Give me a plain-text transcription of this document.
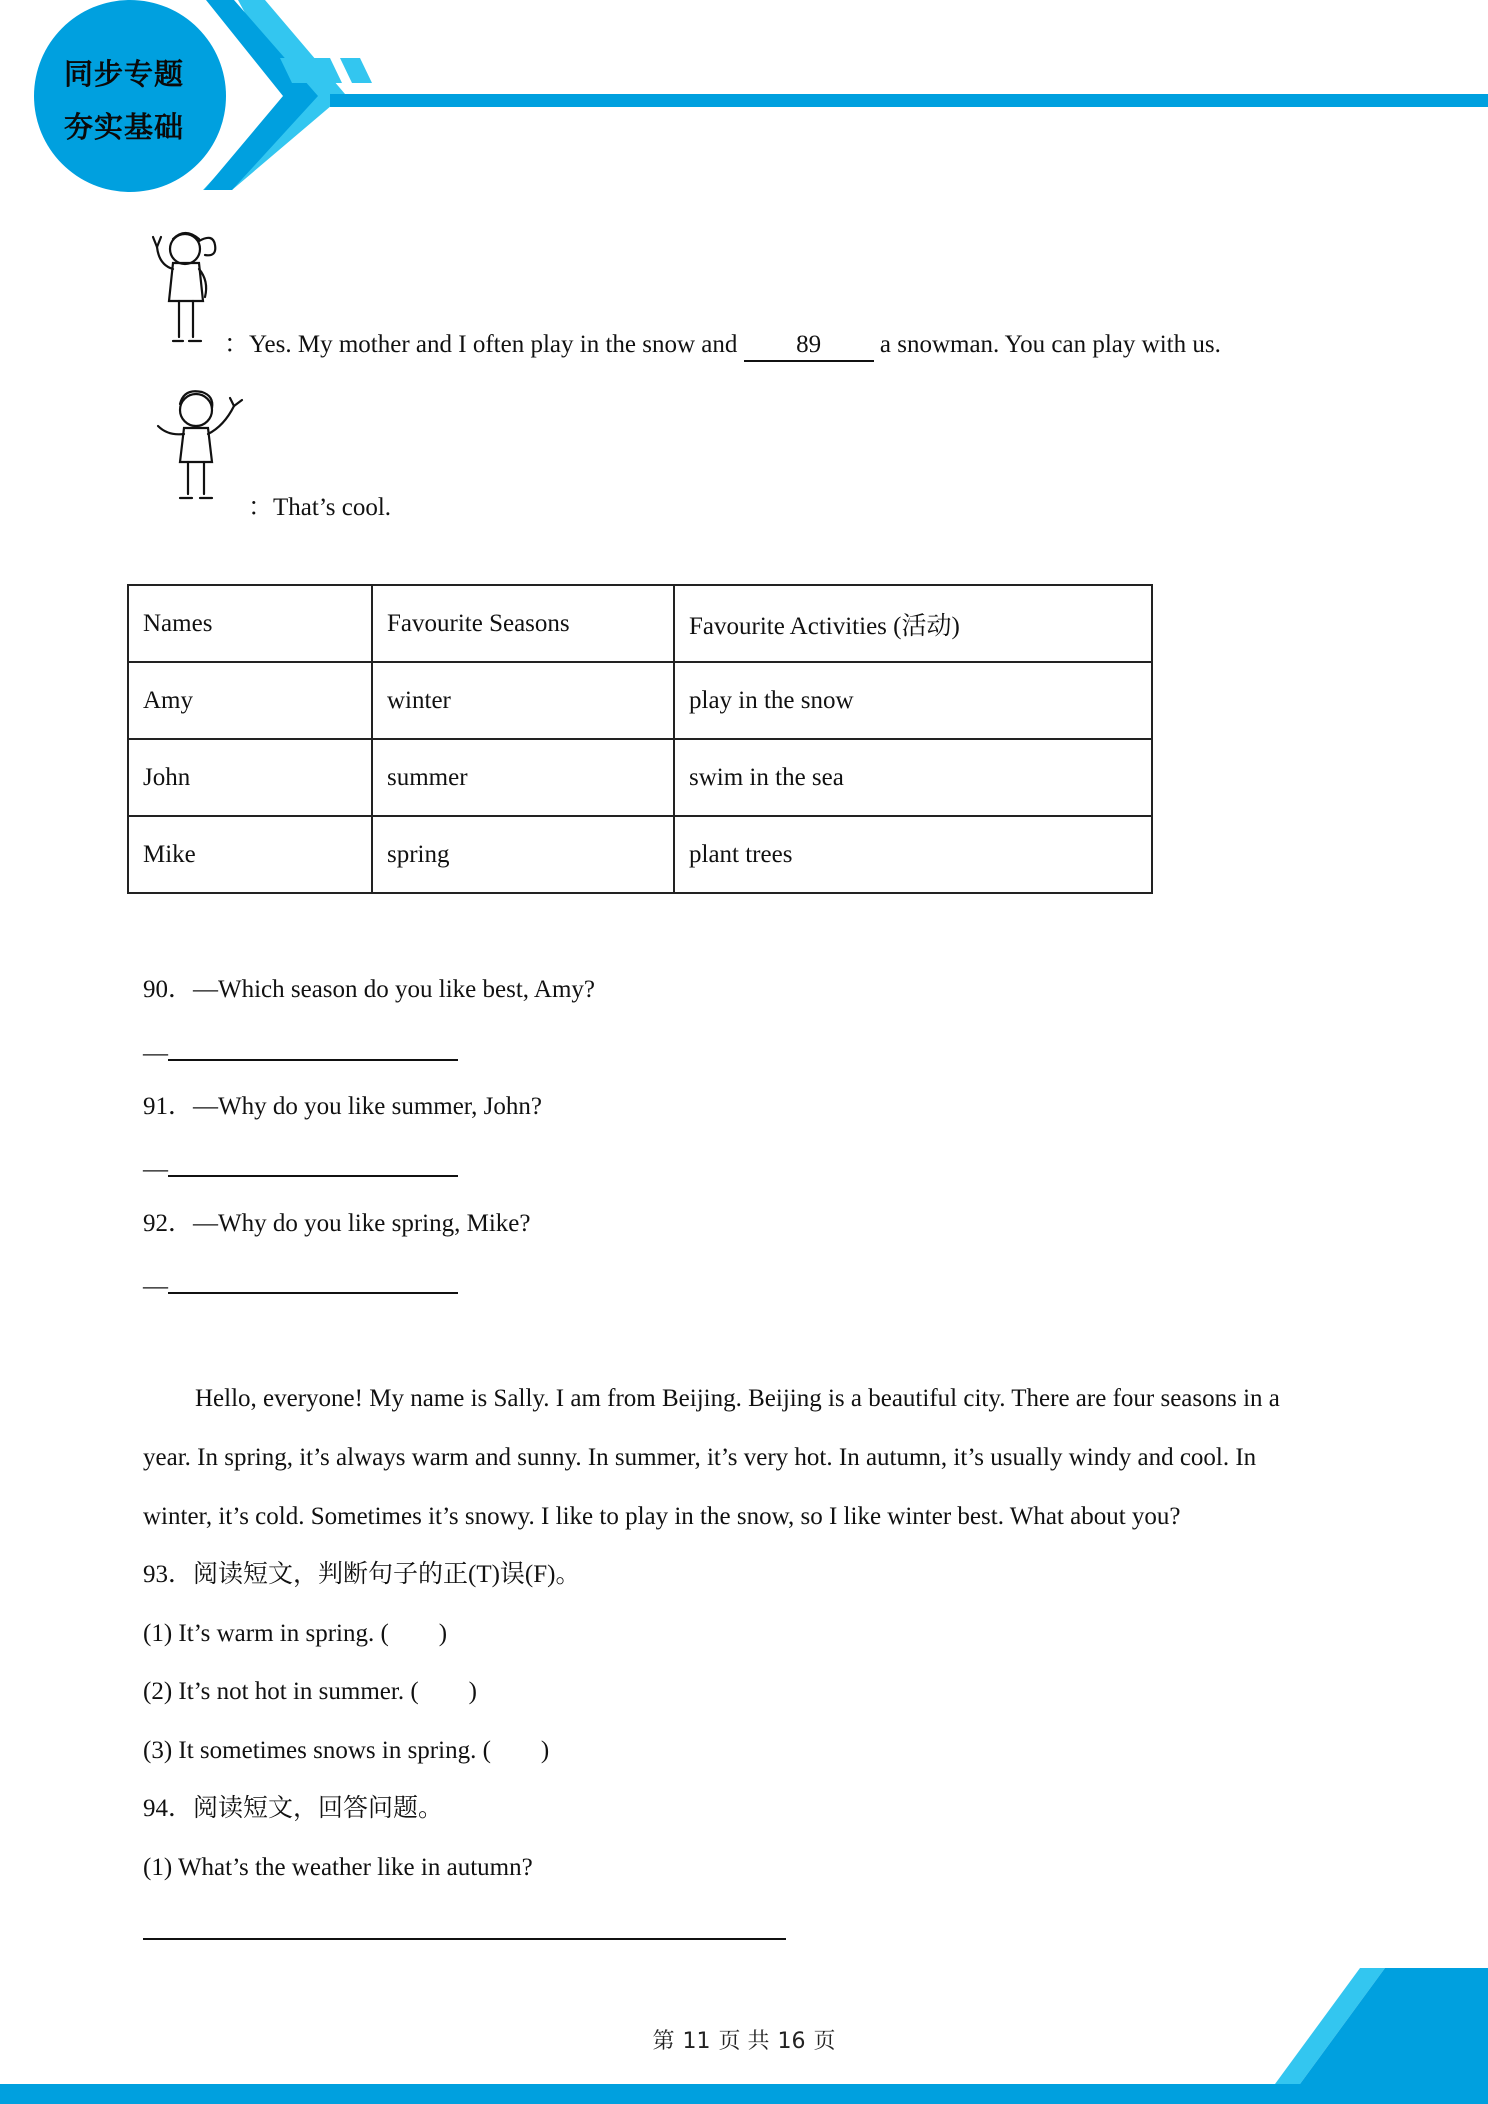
同步专题
夯实基础
：Yes. My mother and I often play in the snow and 89 a snowman. You can play with us.
：That’s cool.
Names	Favourite Seasons	Favourite Activities (活动)
Amy	winter	play in the snow
John	summer	swim in the sea
Mike	spring	plant trees
90．—Which season do you like best, Amy?
—
91．—Why do you like summer, John?
—
92．—Why do you like spring, Mike?
—
Hello, everyone! My name is Sally. I am from Beijing. Beijing is a beautiful city. There are four seasons in a
year. In spring, it’s always warm and sunny. In summer, it’s very hot. In autumn, it’s usually windy and cool. In
winter, it’s cold. Sometimes it’s snowy. I like to play in the snow, so I like winter best. What about you?
93．阅读短文，判断句子的正(T)误(F)。
(1) It’s warm in spring. (　　)
(2) It’s not hot in summer. (　　)
(3) It sometimes snows in spring. (　　)
94．阅读短文，回答问题。
(1) What’s the weather like in autumn?
第 11 页 共 16 页
